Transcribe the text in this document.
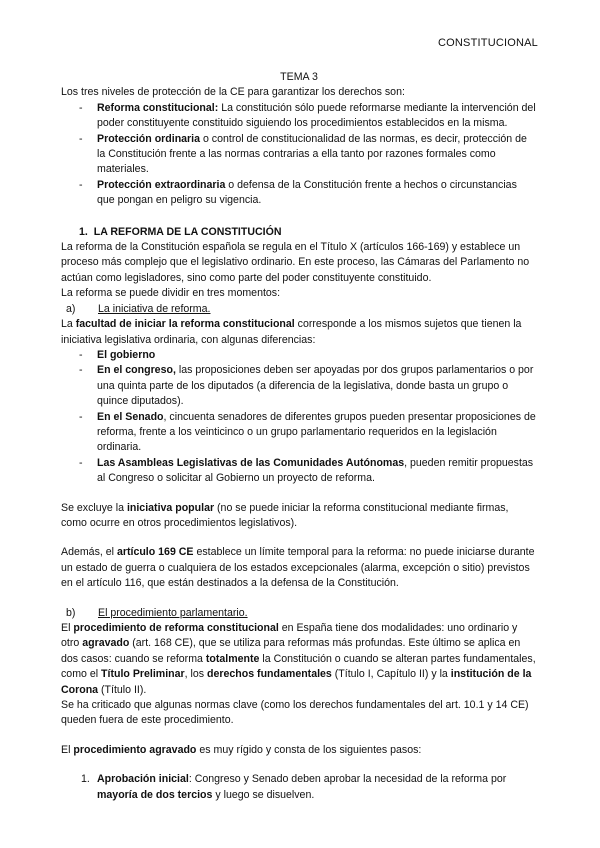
CONSTITUCIONAL

TEMA 3

Los tres niveles de protección de la CE para garantizar los derechos son:

- Reforma constitucional: La constitución sólo puede reformarse mediante la intervención del poder constituyente constituido siguiendo los procedimientos establecidos en la misma.
- Protección ordinaria o control de constitucionalidad de las normas, es decir, protección de la Constitución frente a las normas contrarias a ella tanto por razones formales como materiales.
- Protección extraordinaria o defensa de la Constitución frente a hechos o circunstancias que pongan en peligro su vigencia.

1. LA REFORMA DE LA CONSTITUCIÓN

La reforma de la Constitución española se regula en el Título X (artículos 166-169) y establece un proceso más complejo que el legislativo ordinario. En este proceso, las Cámaras del Parlamento no actúan como legisladores, sino como parte del poder constituyente constituido.

La reforma se puede dividir en tres momentos:

a) La iniciativa de reforma.

La facultad de iniciar la reforma constitucional corresponde a los mismos sujetos que tienen la iniciativa legislativa ordinaria, con algunas diferencias:

- El gobierno
- En el congreso, las proposiciones deben ser apoyadas por dos grupos parlamentarios o por una quinta parte de los diputados (a diferencia de la legislativa, donde basta un grupo o quince diputados).
- En el Senado, cincuenta senadores de diferentes grupos pueden presentar proposiciones de reforma, frente a los veinticinco o un grupo parlamentario requeridos en la legislación ordinaria.
- Las Asambleas Legislativas de las Comunidades Autónomas, pueden remitir propuestas al Congreso o solicitar al Gobierno un proyecto de reforma.

Se excluye la iniciativa popular (no se puede iniciar la reforma constitucional mediante firmas, como ocurre en otros procedimientos legislativos).

Además, el artículo 169 CE establece un límite temporal para la reforma: no puede iniciarse durante un estado de guerra o cualquiera de los estados excepcionales (alarma, excepción o sitio) previstos en el artículo 116, que están destinados a la defensa de la Constitución.

b) El procedimiento parlamentario.

El procedimiento de reforma constitucional en España tiene dos modalidades: uno ordinario y otro agravado (art. 168 CE), que se utiliza para reformas más profundas. Este último se aplica en dos casos: cuando se reforma totalmente la Constitución o cuando se alteran partes fundamentales, como el Título Preliminar, los derechos fundamentales (Título I, Capítulo II) y la institución de la Corona (Título II).

Se ha criticado que algunas normas clave (como los derechos fundamentales del art. 10.1 y 14 CE) queden fuera de este procedimiento.

El procedimiento agravado es muy rígido y consta de los siguientes pasos:

1. Aprobación inicial: Congreso y Senado deben aprobar la necesidad de la reforma por mayoría de dos tercios y luego se disuelven.
